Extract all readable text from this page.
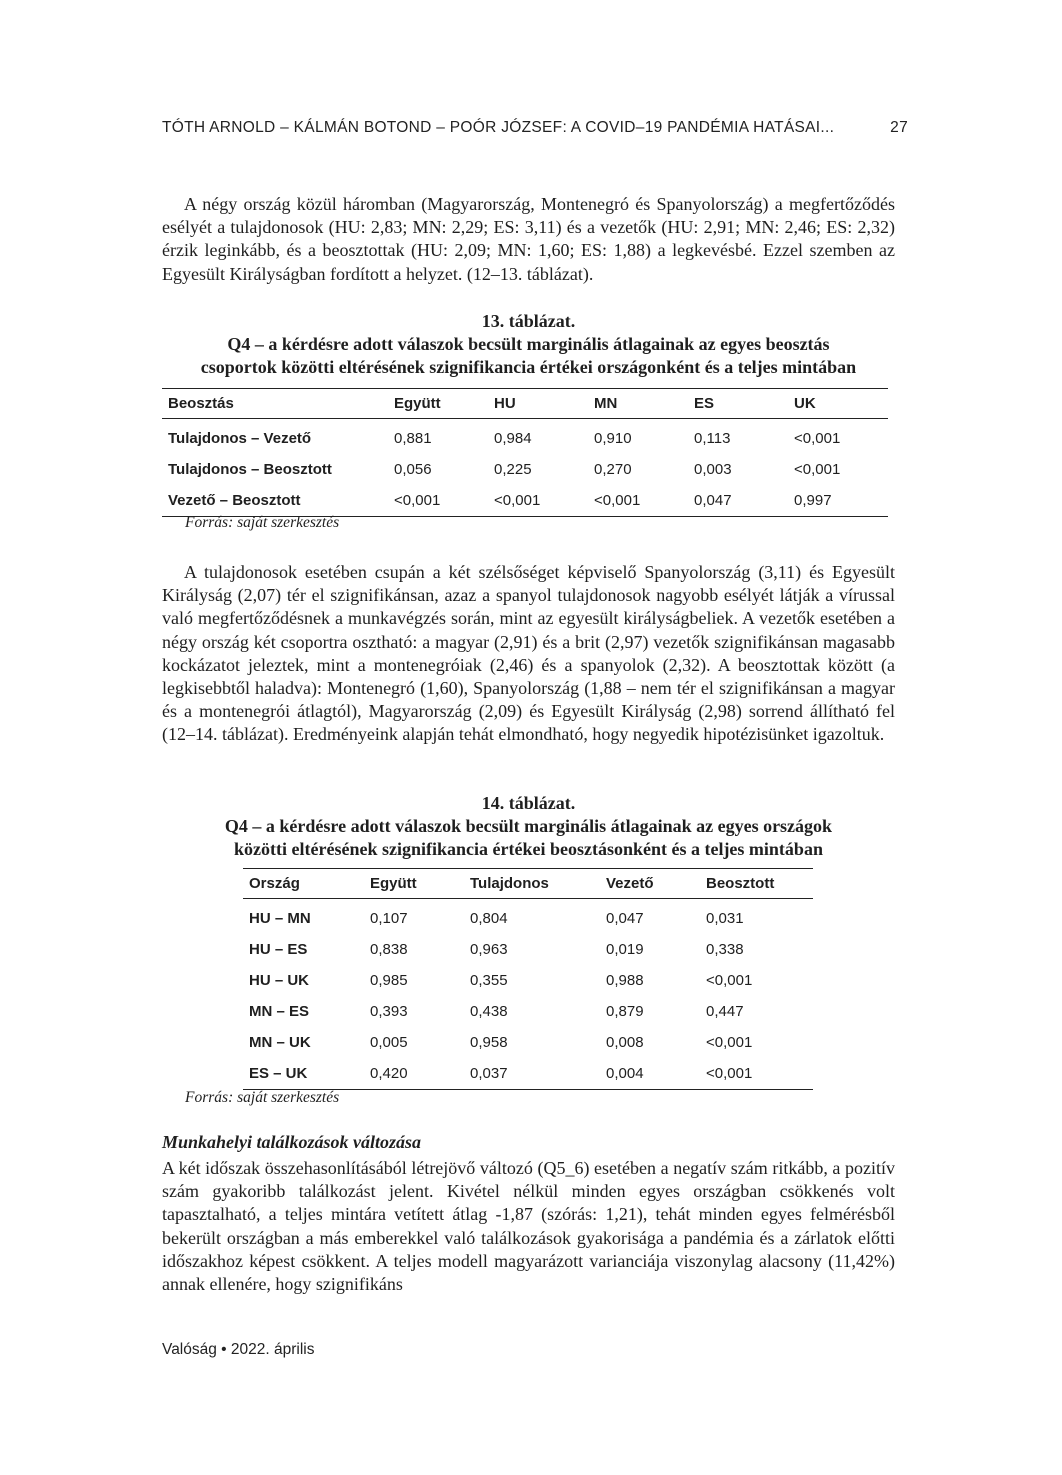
TÓTH ARNOLD – KÁLMÁN BOTOND – POÓR JÓZSEF: A COVID–19 PANDÉMIA HATÁSAI...	27

A négy ország közül háromban (Magyarország, Montenegró és Spanyolország) a megfertőződés esélyét a tulajdonosok (HU: 2,83; MN: 2,29; ES: 3,11) és a vezetők (HU: 2,91; MN: 2,46; ES: 2,32) érzik leginkább, és a beosztottak (HU: 2,09; MN: 1,60; ES: 1,88) a legkevésbé. Ezzel szemben az Egyesült Királyságban fordított a helyzet. (12–13. táblázat).

13. táblázat.
Q4 – a kérdésre adott válaszok becsült marginális átlagainak az egyes beosztás
csoportok közötti eltérésének szignifikancia értékei országonként és a teljes mintában
Beosztás	Együtt	HU	MN	ES	UK
Tulajdonos – Vezető	0,881	0,984	0,910	0,113	<0,001
Tulajdonos – Beosztott	0,056	0,225	0,270	0,003	<0,001
Vezető – Beosztott	<0,001	<0,001	<0,001	0,047	0,997
Forrás: saját szerkesztés

A tulajdonosok esetében csupán a két szélsőséget képviselő Spanyolország (3,11) és Egyesült Királyság (2,07) tér el szignifikánsan, azaz a spanyol tulajdonosok nagyobb esélyét látják a vírussal való megfertőződésnek a munkavégzés során, mint az egyesült királyságbeliek. A vezetők esetében a négy ország két csoportra osztható: a magyar (2,91) és a brit (2,97) vezetők szignifikánsan magasabb kockázatot jeleztek, mint a montenegróiak (2,46) és a spanyolok (2,32). A beosztottak között (a legkisebbtől haladva): Montenegró (1,60), Spanyolország (1,88 – nem tér el szignifikánsan a magyar és a montenegrói átlagtól), Magyarország (2,09) és Egyesült Királyság (2,98) sorrend állítható fel (12–14. táblázat). Eredményeink alapján tehát elmondható, hogy negyedik hipotézisünket igazoltuk.

14. táblázat.
Q4 – a kérdésre adott válaszok becsült marginális átlagainak az egyes országok
közötti eltérésének szignifikancia értékei beosztásonként és a teljes mintában
Ország	Együtt	Tulajdonos	Vezető	Beosztott
HU – MN	0,107	0,804	0,047	0,031
HU – ES	0,838	0,963	0,019	0,338
HU – UK	0,985	0,355	0,988	<0,001
MN – ES	0,393	0,438	0,879	0,447
MN – UK	0,005	0,958	0,008	<0,001
ES – UK	0,420	0,037	0,004	<0,001
Forrás: saját szerkesztés
Munkahelyi találkozások változása

A két időszak összehasonlításából létrejövő változó (Q5_6) esetében a negatív szám ritkább, a pozitív szám gyakoribb találkozást jelent. Kivétel nélkül minden egyes országban csökkenés volt tapasztalható, a teljes mintára vetített átlag -1,87 (szórás: 1,21), tehát minden egyes felmérésből bekerült országban a más emberekkel való találkozások gyakorisága a pandémia és a zárlatok előtti időszakhoz képest csökkent. A teljes modell magyarázott varianciája viszonylag alacsony (11,42%) annak ellenére, hogy szignifikáns

Valóság • 2022. április
